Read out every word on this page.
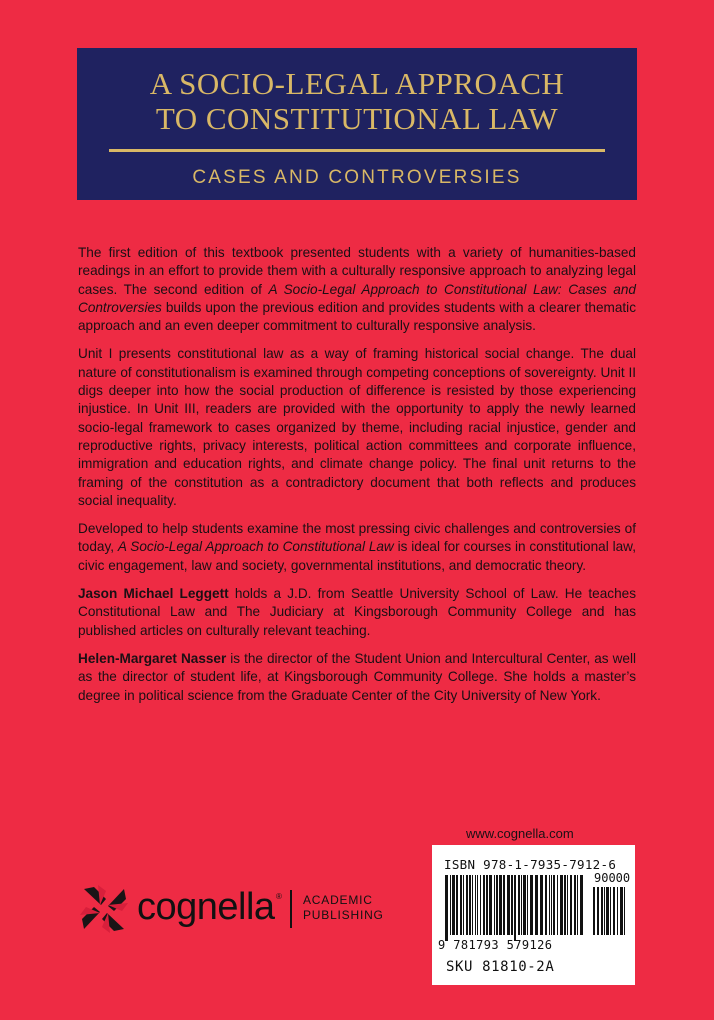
A SOCIO-LEGAL APPROACH
TO CONSTITUTIONAL LAW
CASES AND CONTROVERSIES

The first edition of this textbook presented students with a variety of humanities-based readings in an effort to provide them with a culturally responsive approach to analyzing legal cases. The second edition of A Socio-Legal Approach to Constitutional Law: Cases and Controversies builds upon the previous edition and provides students with a clearer thematic approach and an even deeper commitment to culturally responsive analysis.

Unit I presents constitutional law as a way of framing historical social change. The dual nature of constitutionalism is examined through competing conceptions of sovereignty. Unit II digs deeper into how the social production of difference is resisted by those experiencing injustice. In Unit III, readers are provided with the opportunity to apply the newly learned socio-legal framework to cases organized by theme, including racial injustice, gender and reproductive rights, privacy interests, political action committees and corporate influence, immigration and education rights, and climate change policy. The final unit returns to the framing of the constitution as a contradictory document that both reflects and produces social inequality.

Developed to help students examine the most pressing civic challenges and controversies of today, A Socio-Legal Approach to Constitutional Law is ideal for courses in constitutional law, civic engagement, law and society, governmental institutions, and democratic theory.

Jason Michael Leggett holds a J.D. from Seattle University School of Law. He teaches Constitutional Law and The Judiciary at Kingsborough Community College and has published articles on culturally relevant teaching.

Helen-Margaret Nasser is the director of the Student Union and Intercultural Center, as well as the director of student life, at Kingsborough Community College. She holds a master’s degree in political science from the Graduate Center of the City University of New York.

www.cognella.com
cognella ® ACADEMIC
PUBLISHING
ISBN 978-1-7935-7912-6
90000
9 781793 579126
SKU 81810-2A
